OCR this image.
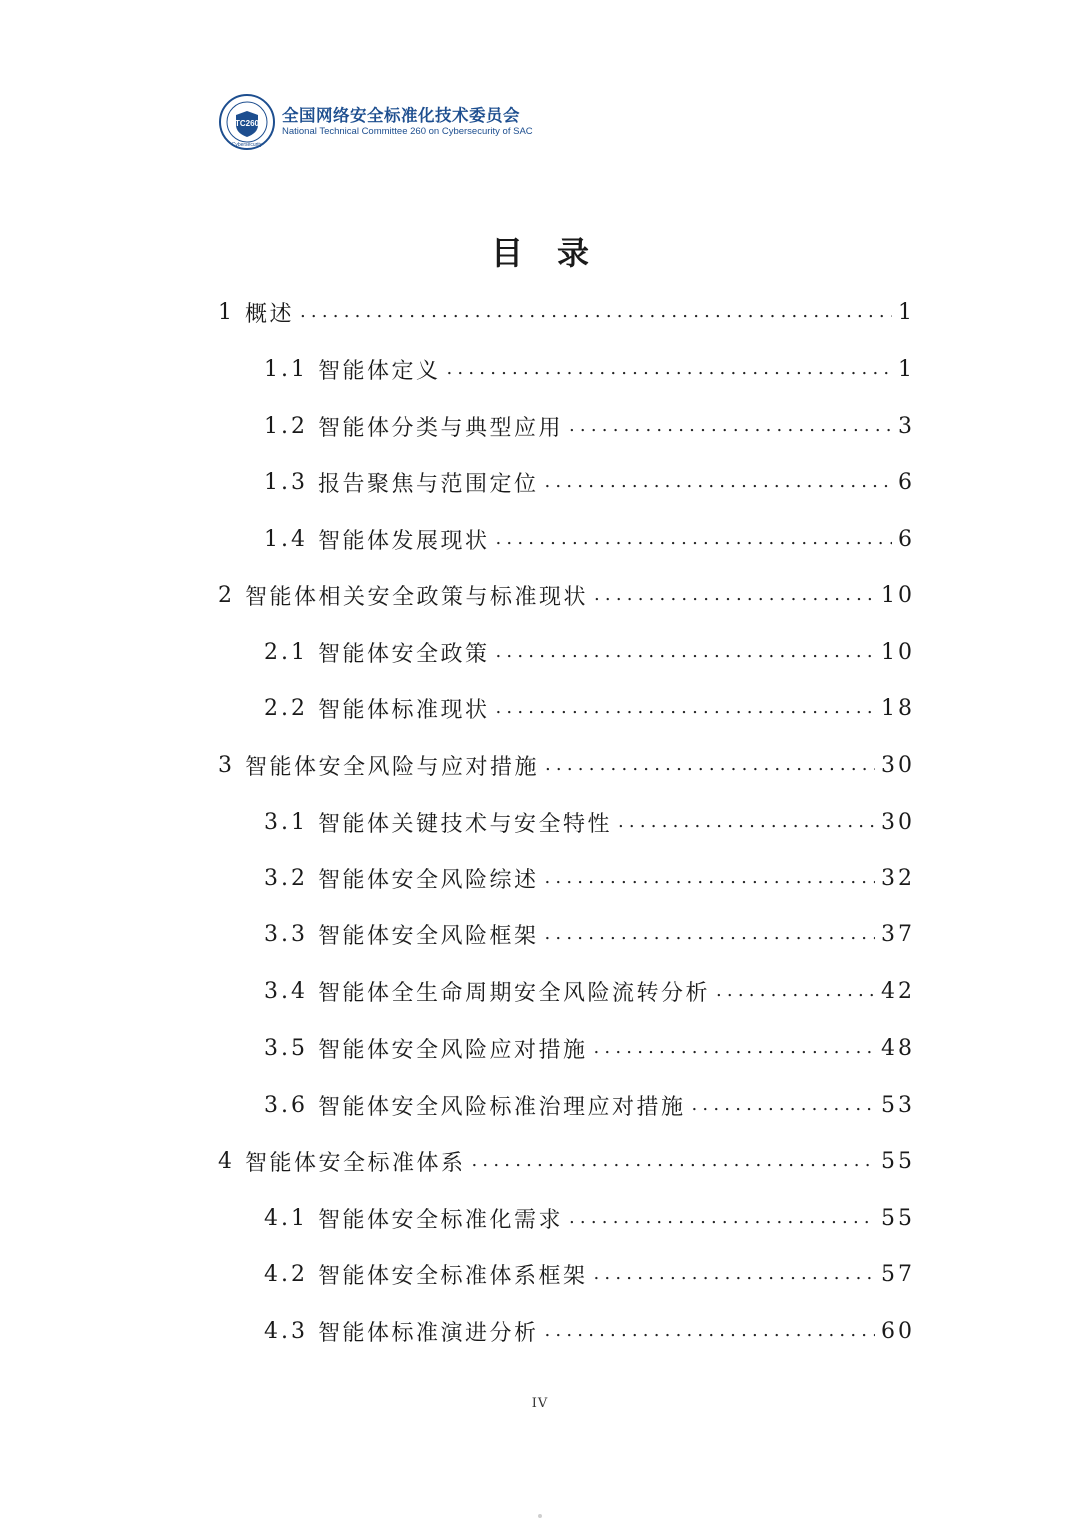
TC260
Cybersecurity
全国网络安全标准化技术委员会
National Technical Committee 260 on Cybersecurity of SAC
目录
1 概述 .....	1
1.1 智能体定义 .....	1
1.2 智能体分类与典型应用 .....	3
1.3 报告聚焦与范围定位 .....	6
1.4 智能体发展现状 .....	6
2 智能体相关安全政策与标准现状 .....	10
2.1 智能体安全政策 .....	10
2.2 智能体标准现状 .....	18
3 智能体安全风险与应对措施 .....	30
3.1 智能体关键技术与安全特性 .....	30
3.2 智能体安全风险综述 .....	32
3.3 智能体安全风险框架 .....	37
3.4 智能体全生命周期安全风险流转分析 .....	42
3.5 智能体安全风险应对措施 .....	48
3.6 智能体安全风险标准治理应对措施 .....	53
4 智能体安全标准体系 .....	55
4.1 智能体安全标准化需求 .....	55
4.2 智能体安全标准体系框架 .....	57
4.3 智能体标准演进分析 .....	60
IV
